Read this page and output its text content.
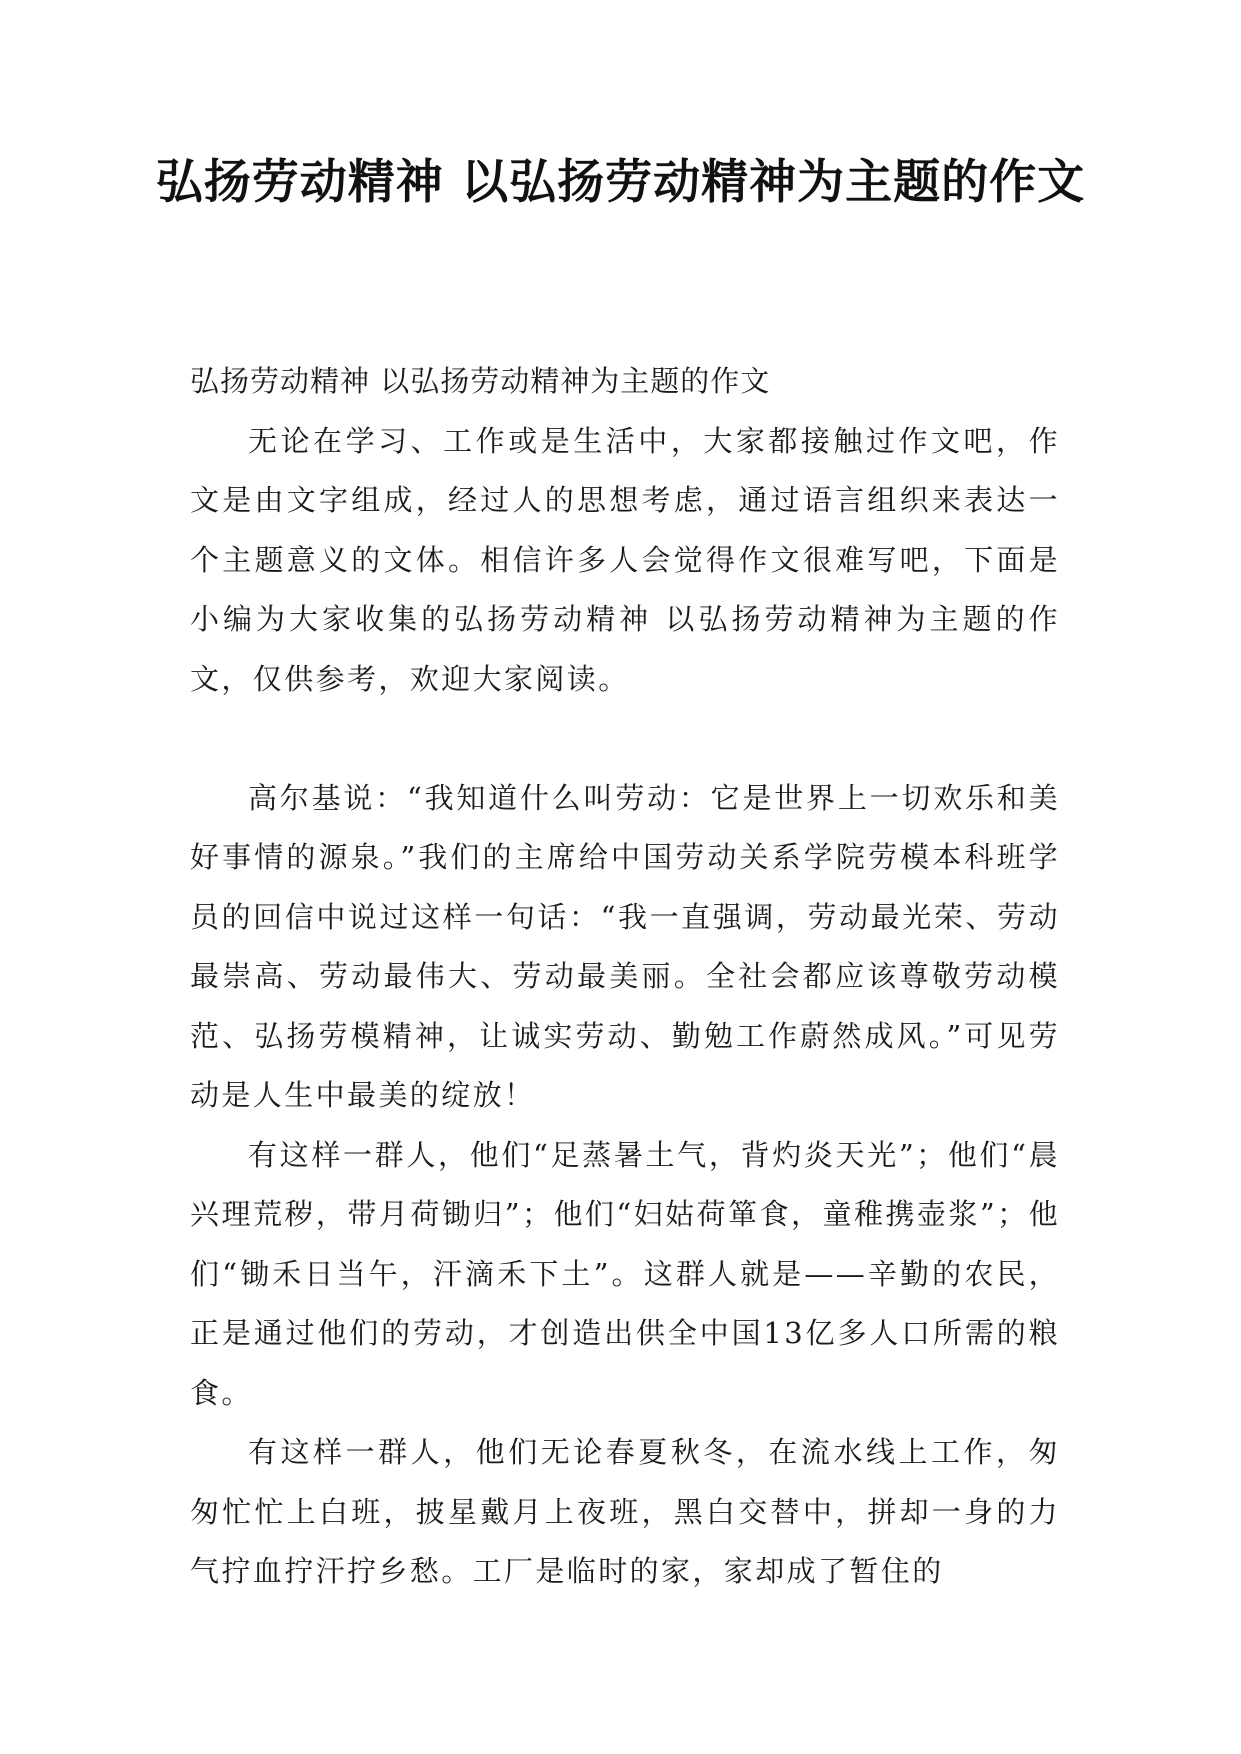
弘扬劳动精神 以弘扬劳动精神为主题的作文

弘扬劳动精神 以弘扬劳动精神为主题的作文

无论在学习、工作或是生活中，大家都接触过作文吧，作文是由文字组成，经过人的思想考虑，通过语言组织来表达一个主题意义的文体。相信许多人会觉得作文很难写吧，下面是小编为大家收集的弘扬劳动精神 以弘扬劳动精神为主题的作文，仅供参考，欢迎大家阅读。

高尔基说：“我知道什么叫劳动：它是世界上一切欢乐和美好事情的源泉。”我们的主席给中国劳动关系学院劳模本科班学员的回信中说过这样一句话：“我一直强调，劳动最光荣、劳动最崇高、劳动最伟大、劳动最美丽。全社会都应该尊敬劳动模范、弘扬劳模精神，让诚实劳动、勤勉工作蔚然成风。”可见劳动是人生中最美的绽放！

有这样一群人，他们“足蒸暑土气，背灼炎天光”；他们“晨兴理荒秽，带月荷锄归”；他们“妇姑荷箪食，童稚携壶浆”；他们“锄禾日当午，汗滴禾下土”。这群人就是——辛勤的农民，正是通过他们的劳动，才创造出供全中国13亿多人口所需的粮食。

有这样一群人，他们无论春夏秋冬，在流水线上工作，匆匆忙忙上白班，披星戴月上夜班，黑白交替中，拼却一身的力气拧血拧汗拧乡愁。工厂是临时的家，家却成了暂住的
